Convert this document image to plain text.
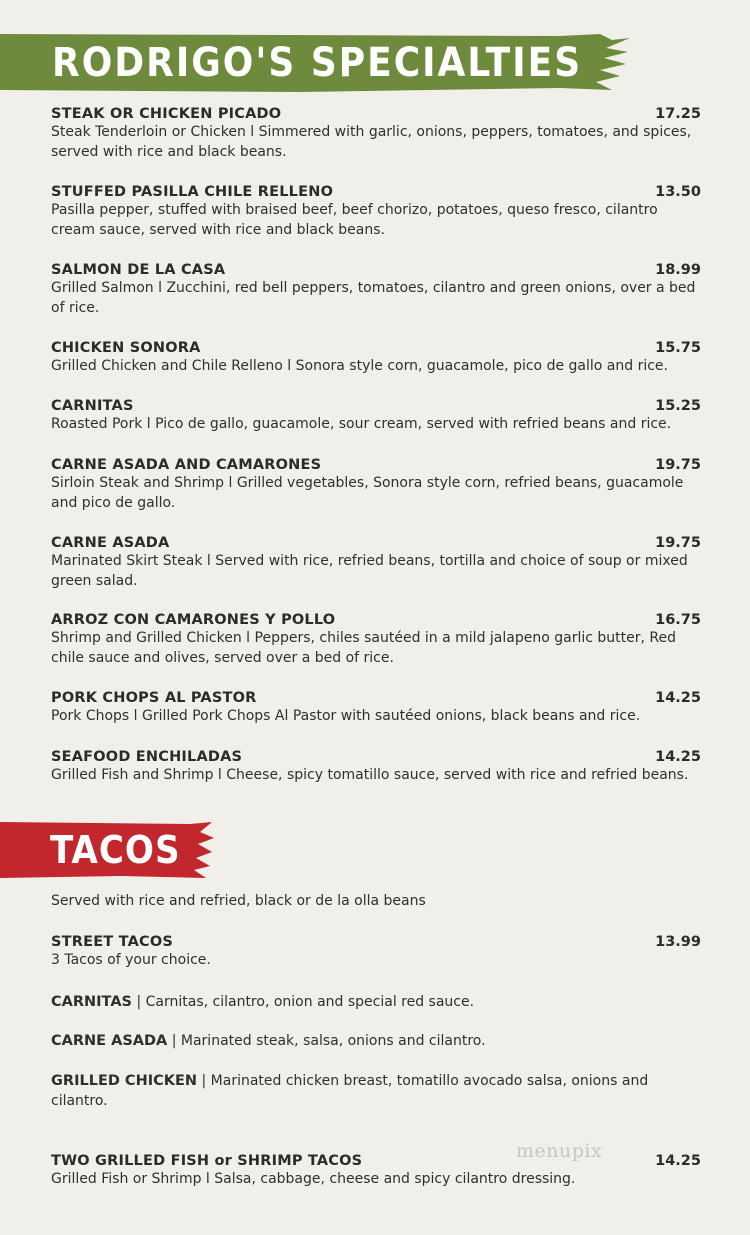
RODRIGO'S SPECIALTIES
STEAK OR CHICKEN PICADO	17.25
Steak Tenderloin or Chicken l Simmered with garlic, onions, peppers, tomatoes, and spices, served with rice and black beans.
STUFFED PASILLA CHILE RELLENO	13.50
Pasilla pepper, stuffed with braised beef, beef chorizo, potatoes, queso fresco, cilantro cream sauce, served with rice and black beans.
SALMON DE LA CASA	18.99
Grilled Salmon l Zucchini, red bell peppers, tomatoes, cilantro and green onions, over a bed of rice.
CHICKEN SONORA	15.75
Grilled Chicken and Chile Relleno l Sonora style corn, guacamole, pico de gallo and rice.
CARNITAS	15.25
Roasted Pork l Pico de gallo, guacamole, sour cream, served with refried beans and rice.
CARNE ASADA AND CAMARONES	19.75
Sirloin Steak and Shrimp l Grilled vegetables, Sonora style corn, refried beans, guacamole and pico de gallo.
CARNE ASADA	19.75
Marinated Skirt Steak l Served with rice, refried beans, tortilla and choice of soup or mixed green salad.
ARROZ CON CAMARONES Y POLLO	16.75
Shrimp and Grilled Chicken l Peppers, chiles sautéed in a mild jalapeno garlic butter, Red chile sauce and olives, served over a bed of rice.
PORK CHOPS AL PASTOR	14.25
Pork Chops l Grilled Pork Chops Al Pastor with sautéed onions, black beans and rice.
SEAFOOD ENCHILADAS	14.25
Grilled Fish and Shrimp l Cheese, spicy tomatillo sauce, served with rice and refried beans.
TACOS
Served with rice and refried, black or de la olla beans
STREET TACOS	13.99
3 Tacos of your choice.
CARNITAS | Carnitas, cilantro, onion and special red sauce.
CARNE ASADA | Marinated steak, salsa, onions and cilantro.
GRILLED CHICKEN | Marinated chicken breast, tomatillo avocado salsa, onions and cilantro.
TWO GRILLED FISH or SHRIMP TACOS	14.25
Grilled Fish or Shrimp l Salsa, cabbage, cheese and spicy cilantro dressing.
menupix
